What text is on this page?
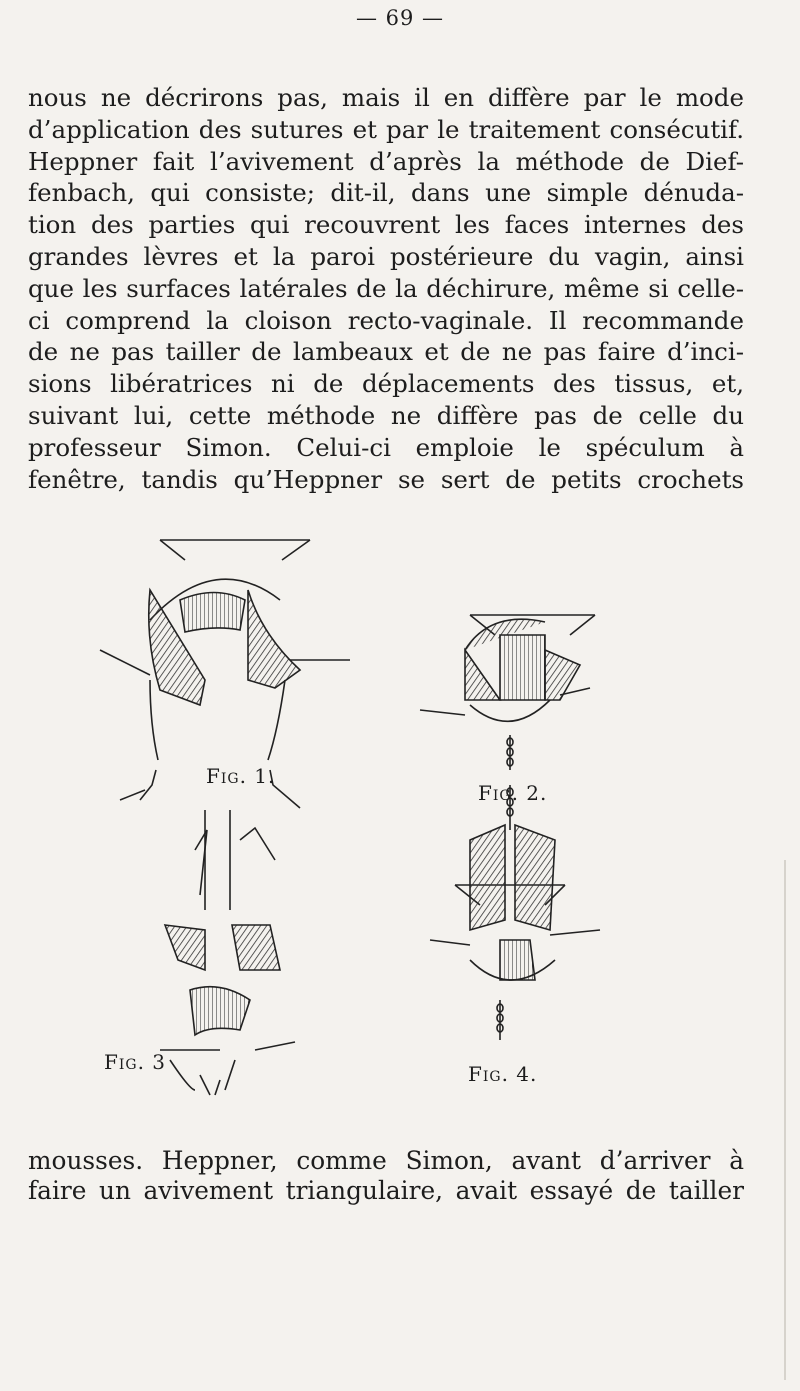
— 69 —

nous ne décrirons pas, mais il en diffère par le mode
d’application des sutures et par le traitement consécutif.
Heppner fait l’avivement d’après la méthode de Dief-
fenbach, qui consiste; dit-il, dans une simple dénuda-
tion des parties qui recouvrent les faces internes des
grandes lèvres et la paroi postérieure du vagin, ainsi
que les surfaces latérales de la déchirure, même si celle-
ci comprend la cloison recto-vaginale. Il recommande
de ne pas tailler de lambeaux et de ne pas faire d’inci-
sions libératrices ni de déplacements des tissus, et,
suivant lui, cette méthode ne diffère pas de celle du
professeur Simon. Celui-ci emploie le spéculum à
fenêtre, tandis qu’Heppner se sert de petits crochets

Fig. 1.
Fig. 2.
Fig. 3	Fig. 4.

mousses. Heppner, comme Simon, avant d’arriver à
faire un avivement triangulaire, avait essayé de tailler
